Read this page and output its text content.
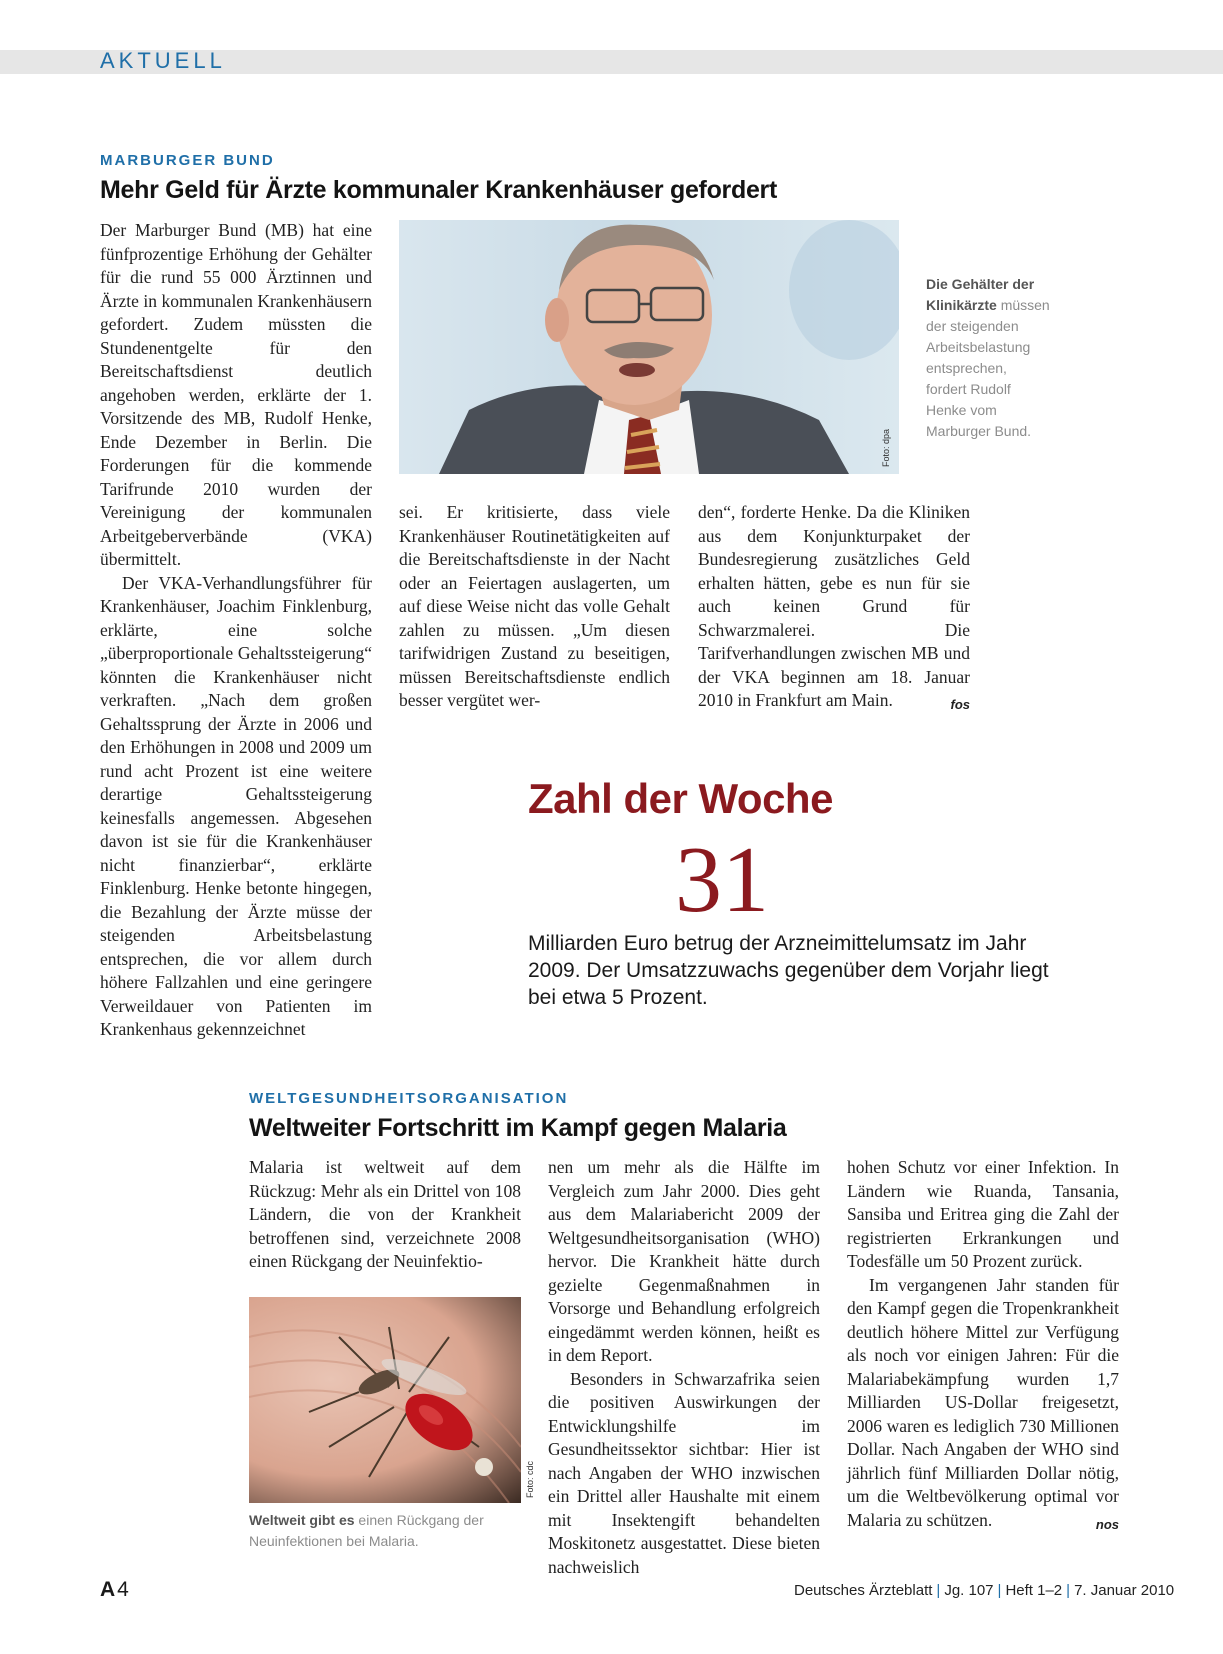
AKTUELL
MARBURGER BUND
Mehr Geld für Ärzte kommunaler Krankenhäuser gefordert

Der Marburger Bund (MB) hat eine fünfprozentige Erhöhung der Gehälter für die rund 55 000 Ärztinnen und Ärzte in kommunalen Krankenhäusern gefordert. Zudem müssten die Stundenentgelte für den Bereitschaftsdienst deutlich angehoben werden, erklärte der 1. Vorsitzende des MB, Rudolf Henke, Ende Dezember in Berlin. Die Forderungen für die kommende Tarifrunde 2010 wurden der Vereinigung der kommunalen Arbeitgeberverbände (VKA) übermittelt.

Der VKA-Verhandlungsführer für Krankenhäuser, Joachim Finklenburg, erklärte, eine solche „überproportionale Gehaltssteigerung“ könnten die Krankenhäuser nicht verkraften. „Nach dem großen Gehaltssprung der Ärzte in 2006 und den Erhöhungen in 2008 und 2009 um rund acht Prozent ist eine weitere derartige Gehaltssteigerung keinesfalls angemessen. Abgesehen davon ist sie für die Krankenhäuser nicht finanzierbar“, erklärte Finklenburg. Henke betonte hingegen, die Bezahlung der Ärzte müsse der steigenden Arbeitsbelastung entsprechen, die vor allem durch höhere Fallzahlen und eine geringere Verweildauer von Patienten im Krankenhaus gekennzeichnet

Foto: dpa
Die Gehälter der Klinikärzte müssen der steigenden Arbeitsbelastung entsprechen, fordert Rudolf Henke vom Marburger Bund.

sei. Er kritisierte, dass viele Krankenhäuser Routinetätigkeiten auf die Bereitschaftsdienste in der Nacht oder an Feiertagen auslagerten, um auf diese Weise nicht das volle Gehalt zahlen zu müssen. „Um diesen tarifwidrigen Zustand zu beseitigen, müssen Bereitschaftsdienste endlich besser vergütet wer-

den“, forderte Henke. Da die Kliniken aus dem Konjunkturpaket der Bundesregierung zusätzliches Geld erhalten hätten, gebe es nun für sie auch keinen Grund für Schwarzmalerei. Die Tarifverhandlungen zwischen MB und der VKA beginnen am 18. Januar 2010 in Frankfurt am Main.	fos

Zahl der Woche
31
Milliarden Euro betrug der Arzneimittelumsatz im Jahr 2009. Der Umsatzzuwachs gegenüber dem Vorjahr liegt bei etwa 5 Prozent.
WELTGESUNDHEITSORGANISATION
Weltweiter Fortschritt im Kampf gegen Malaria

Malaria ist weltweit auf dem Rückzug: Mehr als ein Drittel von 108 Ländern, die von der Krankheit betroffenen sind, verzeichnete 2008 einen Rückgang der Neuinfektio-

Foto: cdc
Weltweit gibt es einen Rückgang der Neuinfektionen bei Malaria.

nen um mehr als die Hälfte im Vergleich zum Jahr 2000. Dies geht aus dem Malariabericht 2009 der Weltgesundheitsorganisation (WHO) hervor. Die Krankheit hätte durch gezielte Gegenmaßnahmen in Vorsorge und Behandlung erfolgreich eingedämmt werden können, heißt es in dem Report.

Besonders in Schwarzafrika seien die positiven Auswirkungen der Entwicklungshilfe im Gesundheitssektor sichtbar: Hier ist nach Angaben der WHO inzwischen ein Drittel aller Haushalte mit einem mit Insektengift behandelten Moskitonetz ausgestattet. Diese bieten nachweislich

hohen Schutz vor einer Infektion. In Ländern wie Ruanda, Tansania, Sansiba und Eritrea ging die Zahl der registrierten Erkrankungen und Todesfälle um 50 Prozent zurück.

Im vergangenen Jahr standen für den Kampf gegen die Tropenkrankheit deutlich höhere Mittel zur Verfügung als noch vor einigen Jahren: Für die Malariabekämpfung wurden 1,7 Milliarden US-Dollar freigesetzt, 2006 waren es lediglich 730 Millionen Dollar. Nach Angaben der WHO sind jährlich fünf Milliarden Dollar nötig, um die Weltbevölkerung optimal vor Malaria zu schützen.	nos

A4	Deutsches Ärzteblatt | Jg. 107 | Heft 1–2 | 7. Januar 2010
